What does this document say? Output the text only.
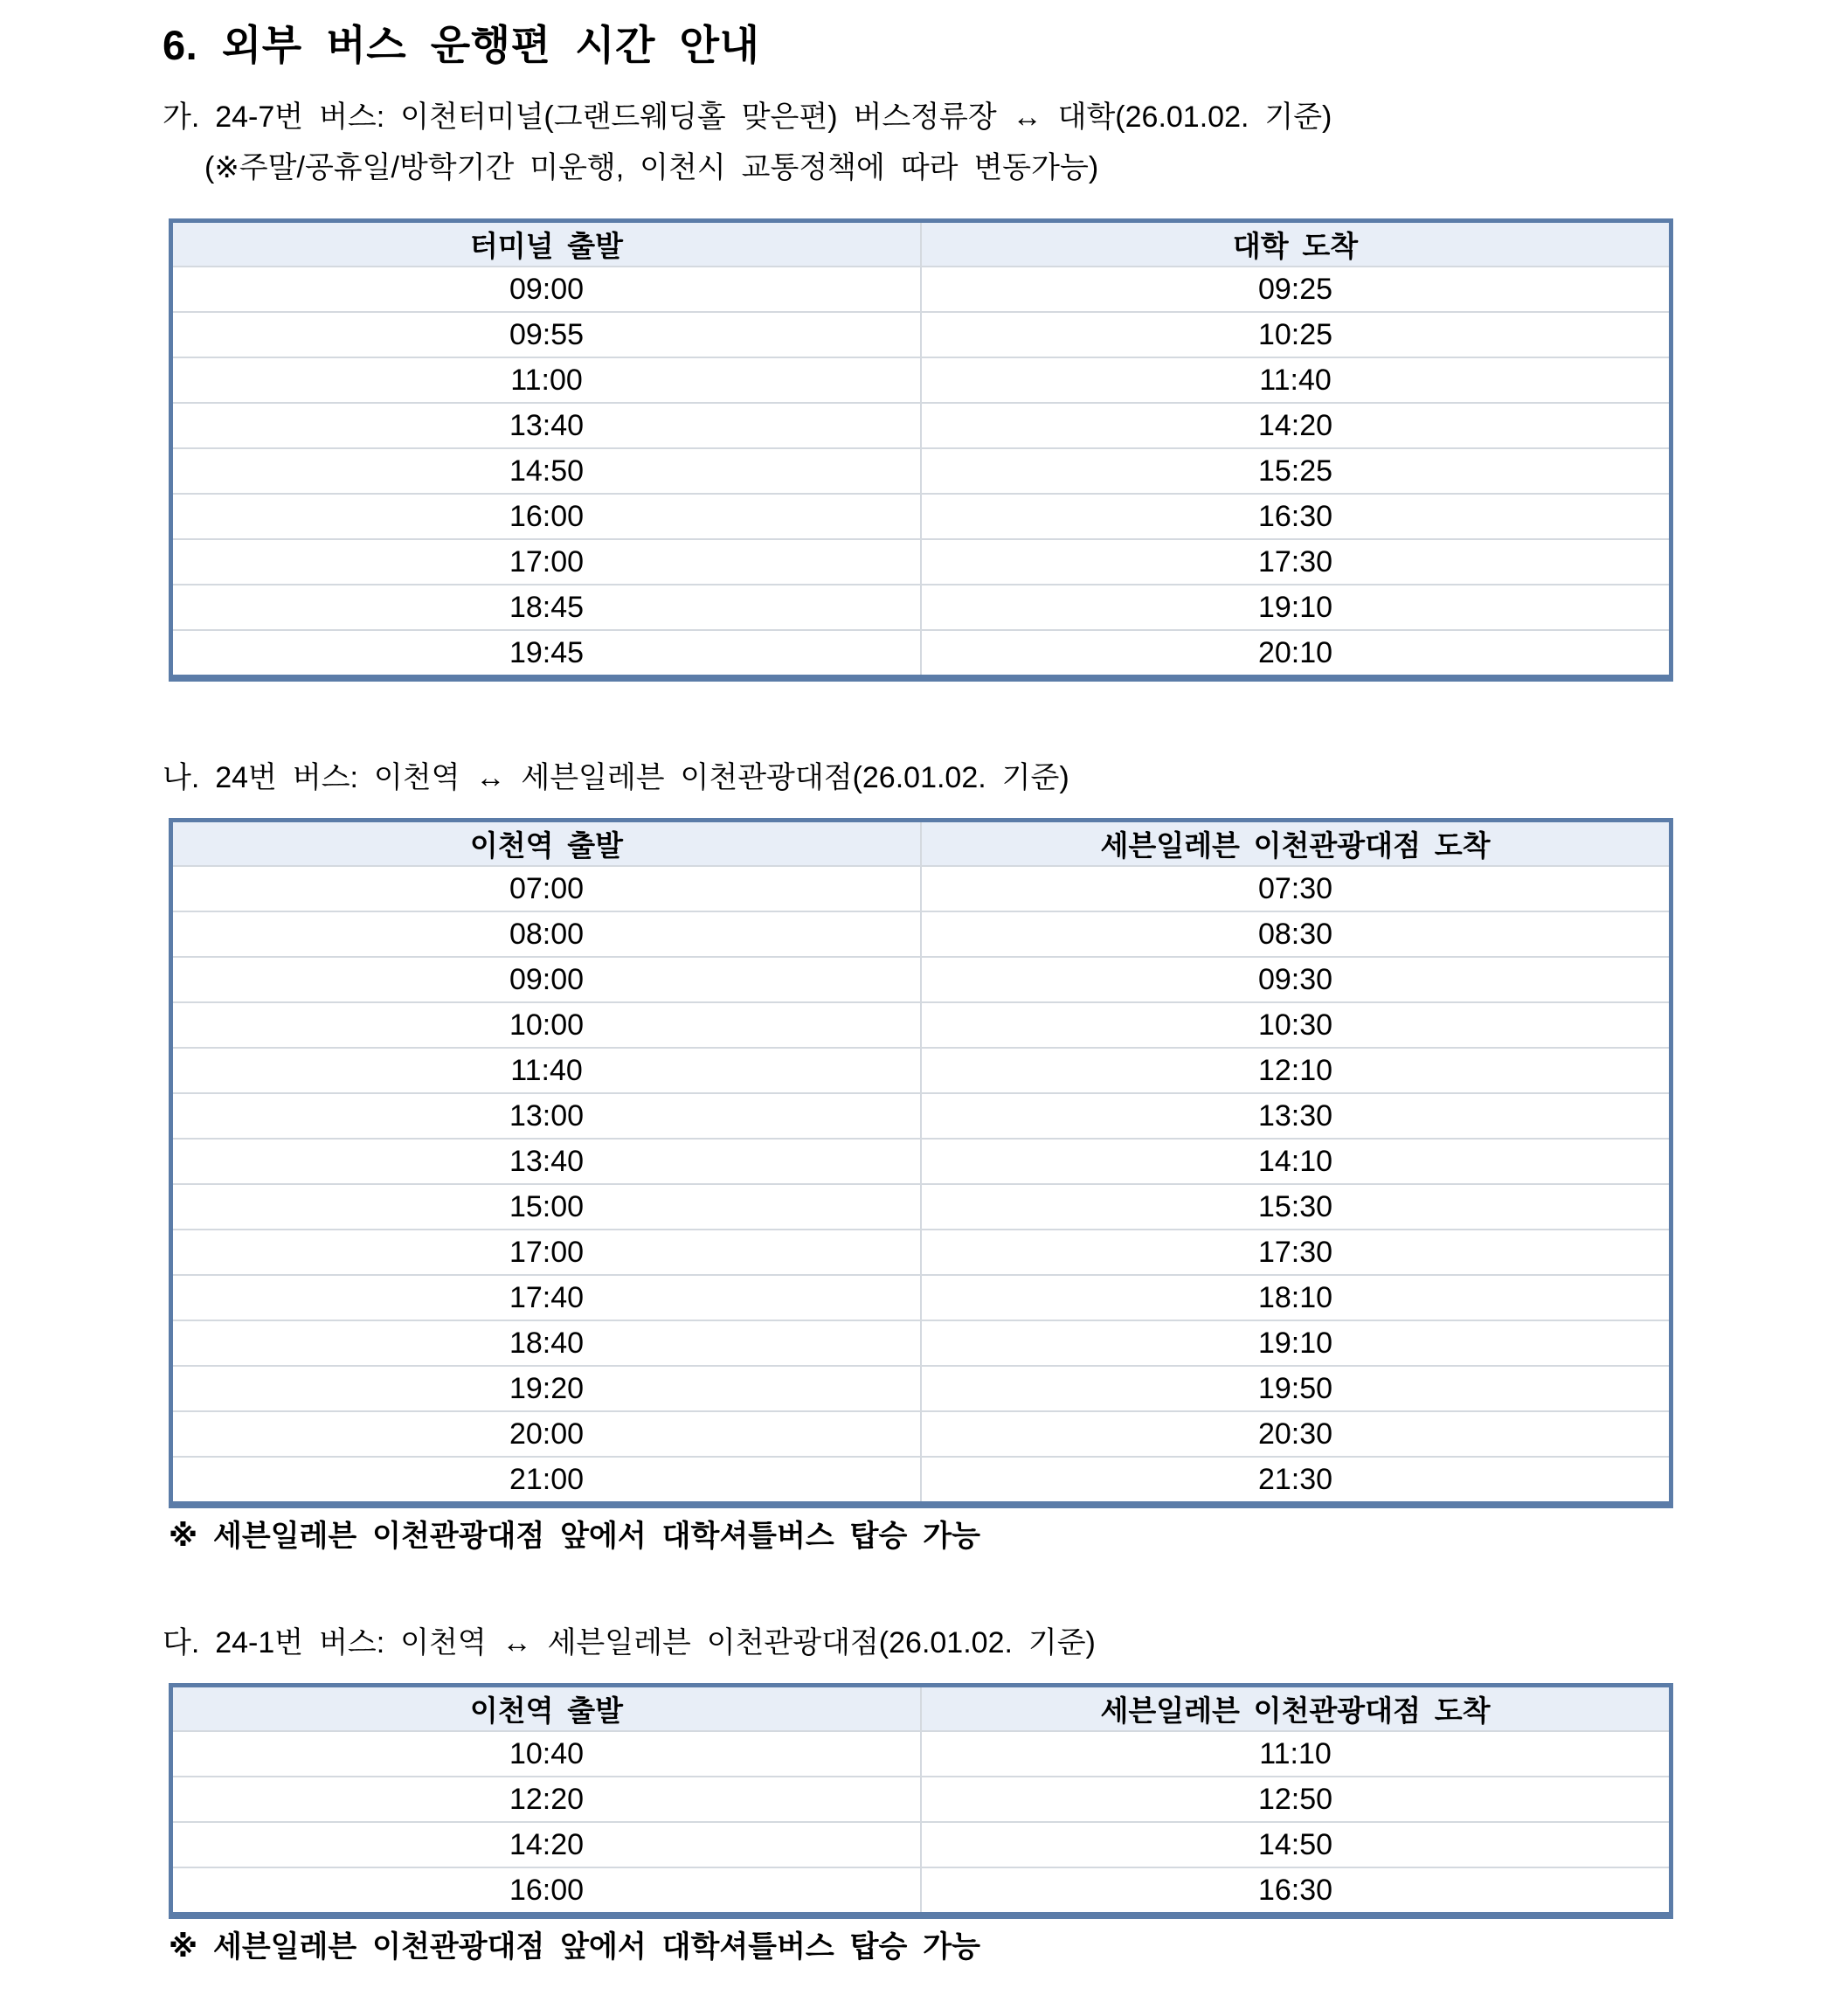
6. 외부 버스 운행편 시간 안내

가. 24-7번 버스: 이천터미널(그랜드웨딩홀 맞은편) 버스정류장 ↔ 대학(26.01.02. 기준)

(※주말/공휴일/방학기간 미운행, 이천시 교통정책에 따라 변동가능)

터미널 출발	대학 도착
09:00	09:25
09:55	10:25
11:00	11:40
13:40	14:20
14:50	15:25
16:00	16:30
17:00	17:30
18:45	19:10
19:45	20:10

나. 24번 버스: 이천역 ↔ 세븐일레븐 이천관광대점(26.01.02. 기준)

이천역 출발	세븐일레븐 이천관광대점 도착
07:00	07:30
08:00	08:30
09:00	09:30
10:00	10:30
11:40	12:10
13:00	13:30
13:40	14:10
15:00	15:30
17:00	17:30
17:40	18:10
18:40	19:10
19:20	19:50
20:00	20:30
21:00	21:30

※ 세븐일레븐 이천관광대점 앞에서 대학셔틀버스 탑승 가능

다. 24-1번 버스: 이천역 ↔ 세븐일레븐 이천관광대점(26.01.02. 기준)

이천역 출발	세븐일레븐 이천관광대점 도착
10:40	11:10
12:20	12:50
14:20	14:50
16:00	16:30

※ 세븐일레븐 이천관광대점 앞에서 대학셔틀버스 탑승 가능
